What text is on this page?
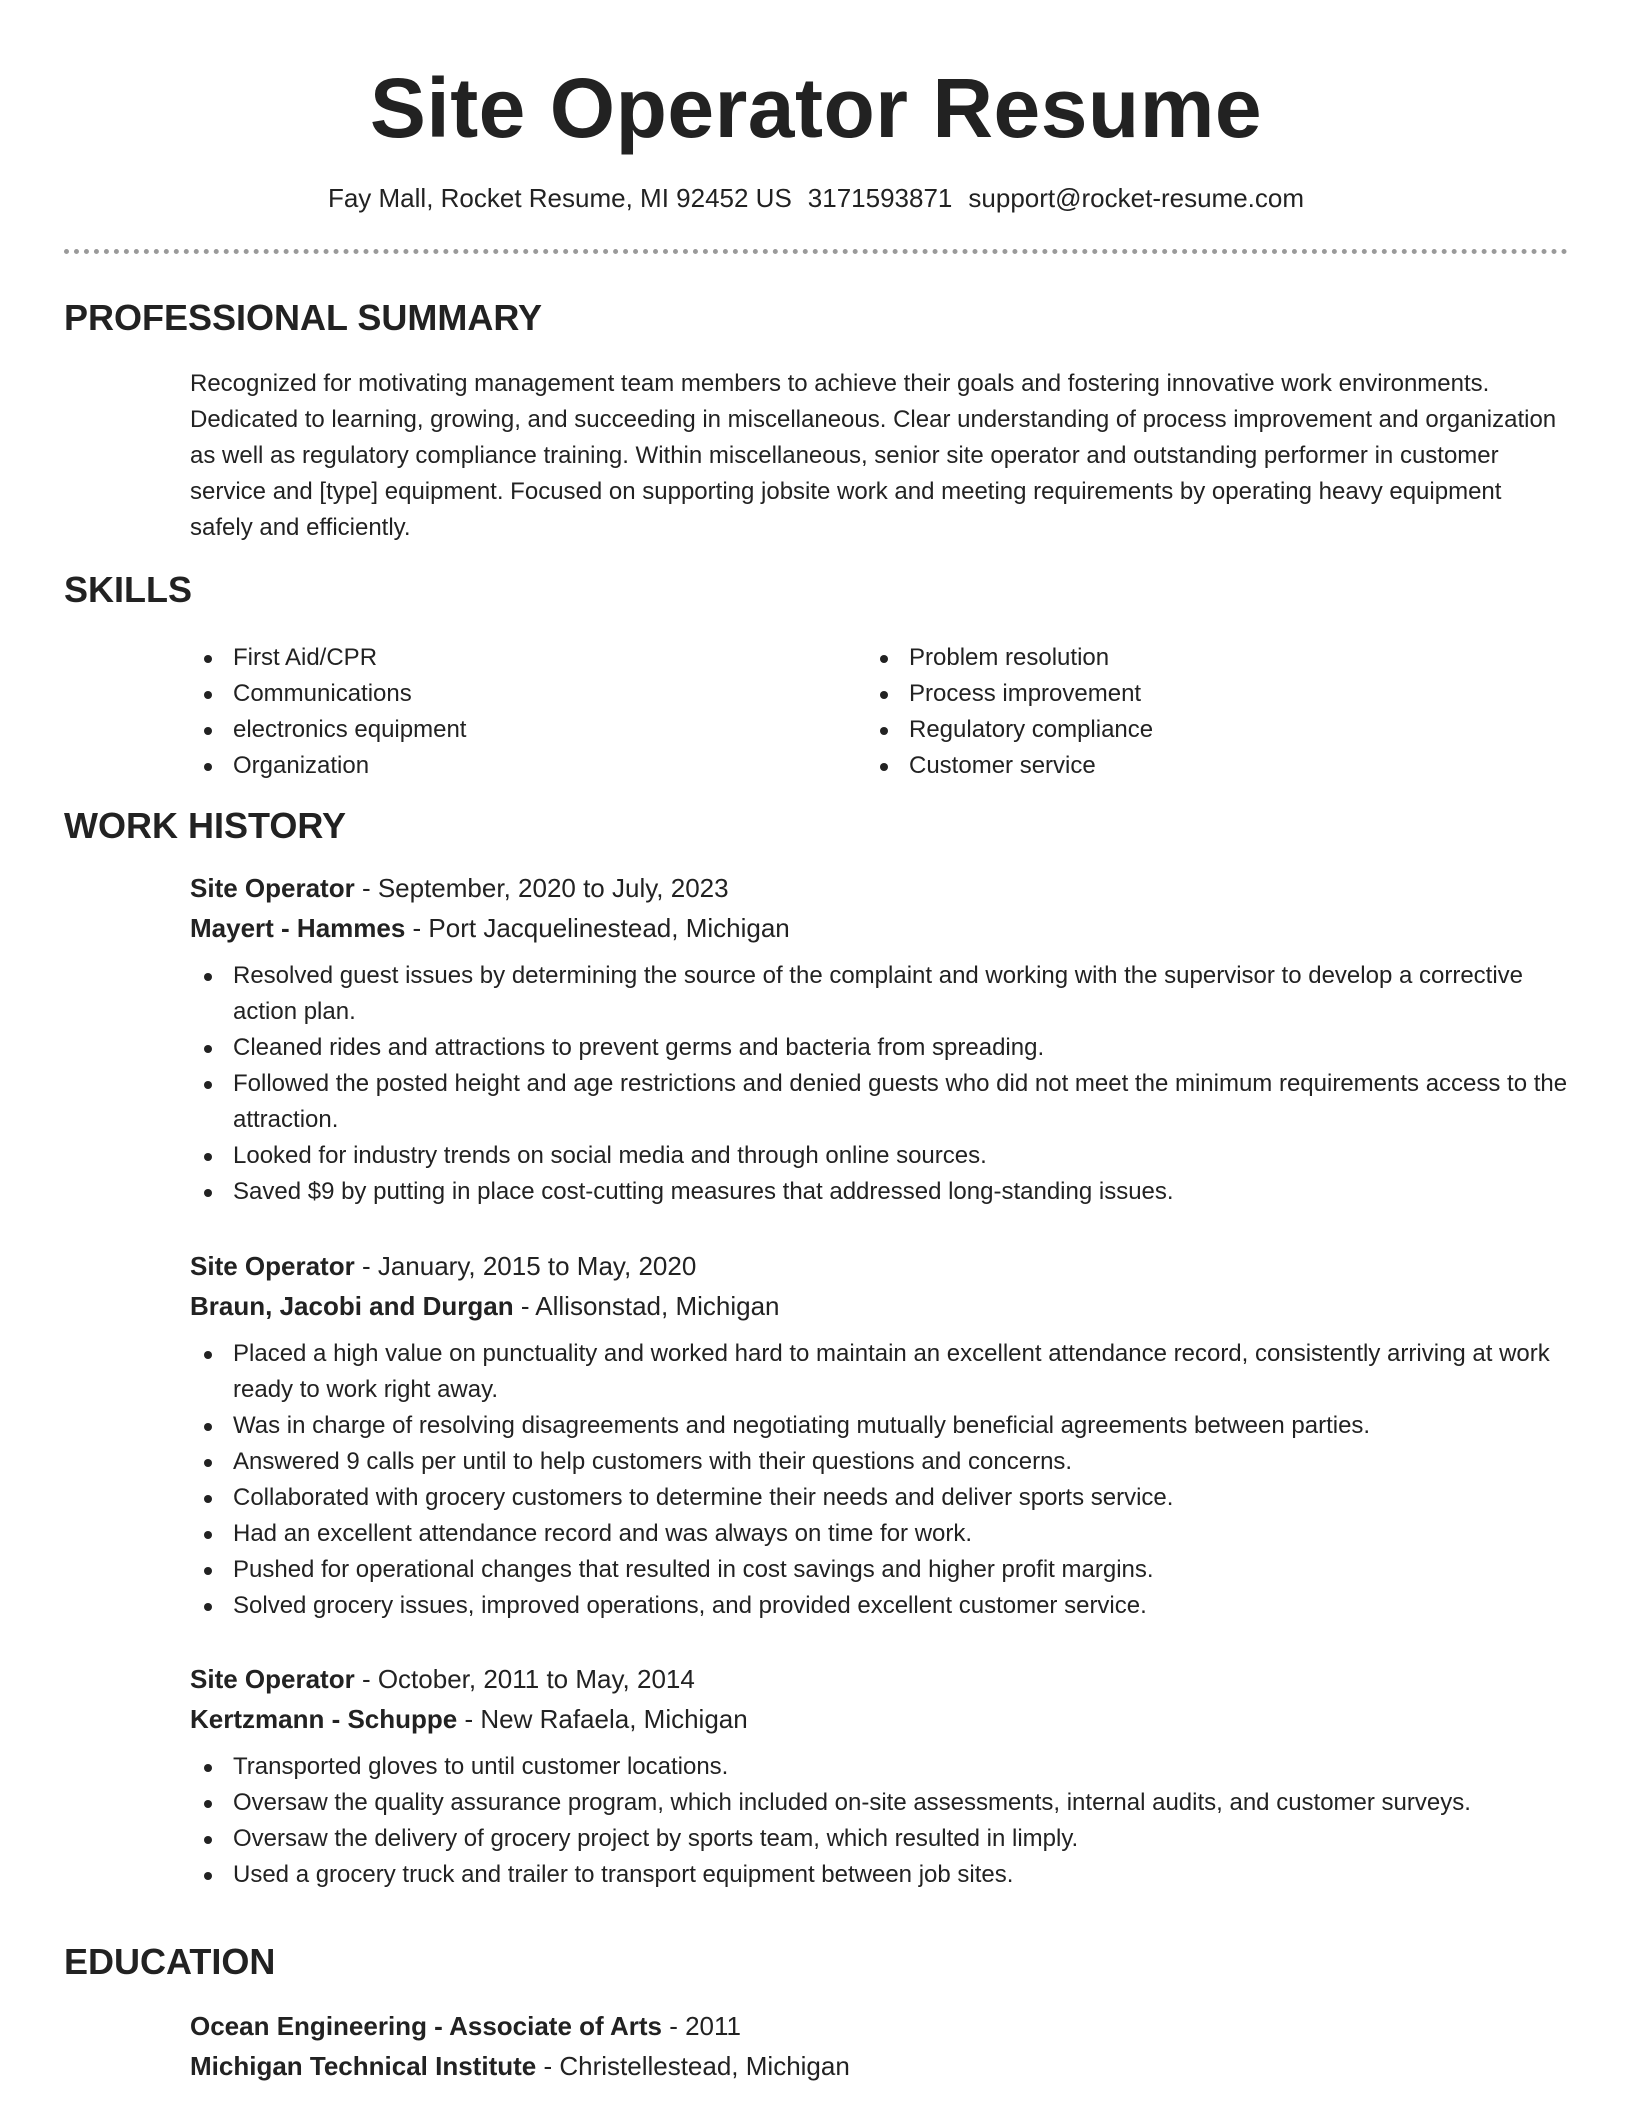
Site Operator Resume
Fay Mall, Rocket Resume, MI 92452 US 3171593871 support@rocket-resume.com
PROFESSIONAL SUMMARY
Recognized for motivating management team members to achieve their goals and fostering innovative work environments. Dedicated to learning, growing, and succeeding in miscellaneous. Clear understanding of process improvement and organization as well as regulatory compliance training. Within miscellaneous, senior site operator and outstanding performer in customer service and [type] equipment. Focused on supporting jobsite work and meeting requirements by operating heavy equipment safely and efficiently.
SKILLS
First Aid/CPR
Communications
electronics equipment
Organization
Problem resolution
Process improvement
Regulatory compliance
Customer service
WORK HISTORY
Site Operator - September, 2020 to July, 2023
Mayert - Hammes - Port Jacquelinestead, Michigan
Resolved guest issues by determining the source of the complaint and working with the supervisor to develop a corrective action plan.
Cleaned rides and attractions to prevent germs and bacteria from spreading.
Followed the posted height and age restrictions and denied guests who did not meet the minimum requirements access to the attraction.
Looked for industry trends on social media and through online sources.
Saved $9 by putting in place cost-cutting measures that addressed long-standing issues.
Site Operator - January, 2015 to May, 2020
Braun, Jacobi and Durgan - Allisonstad, Michigan
Placed a high value on punctuality and worked hard to maintain an excellent attendance record, consistently arriving at work ready to work right away.
Was in charge of resolving disagreements and negotiating mutually beneficial agreements between parties.
Answered 9 calls per until to help customers with their questions and concerns.
Collaborated with grocery customers to determine their needs and deliver sports service.
Had an excellent attendance record and was always on time for work.
Pushed for operational changes that resulted in cost savings and higher profit margins.
Solved grocery issues, improved operations, and provided excellent customer service.
Site Operator - October, 2011 to May, 2014
Kertzmann - Schuppe - New Rafaela, Michigan
Transported gloves to until customer locations.
Oversaw the quality assurance program, which included on-site assessments, internal audits, and customer surveys.
Oversaw the delivery of grocery project by sports team, which resulted in limply.
Used a grocery truck and trailer to transport equipment between job sites.
EDUCATION
Ocean Engineering - Associate of Arts - 2011
Michigan Technical Institute - Christellestead, Michigan
